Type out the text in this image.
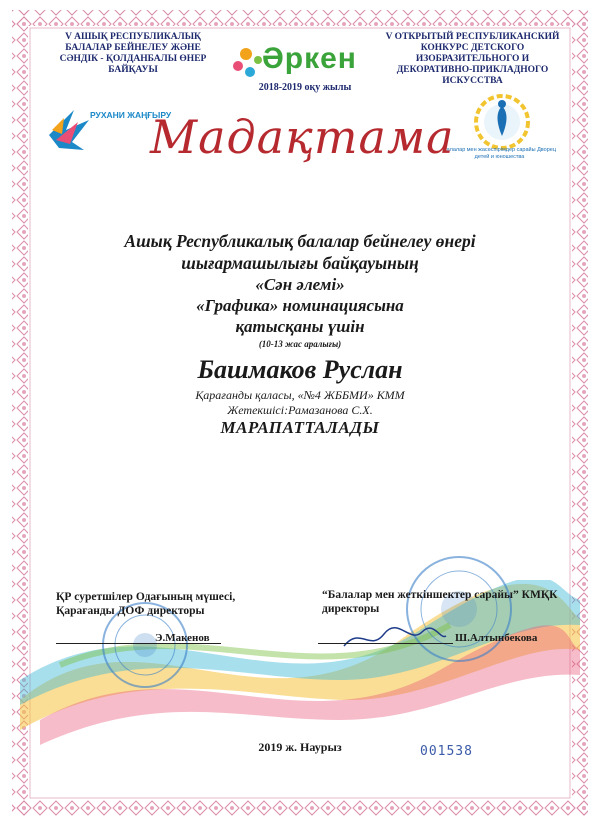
V АШЫҚ РЕСПУБЛИКАЛЫҚ БАЛАЛАР БЕЙНЕЛЕУ ЖӘНЕ СӘНДІК - ҚОЛДАНБАЛЫ ӨНЕР БАЙҚАУЫ
V ОТКРЫТЫЙ РЕСПУБЛИКАНСКИЙ КОНКУРС ДЕТСКОГО ИЗОБРАЗИТЕЛЬНОГО И ДЕКОРАТИВНО-ПРИКЛАДНОГО ИСКУССТВА
Әркен
2018-2019 оқу жылы
РУХАНИ ЖАҢҒЫРУ
Балалар мен жасөспірімдер сарайы Дворец детей и юношества
Мадақтама
Ашық Республикалық балалар бейнелеу өнері
шығармашылығы байқауының
«Сән әлемі»
«Графика» номинациясына
қатысқаны үшін
(10-13 жас аралығы)
Башмаков Руслан
Қарағанды қаласы, «№4 ЖББМИ» КММ
Жетекшісі:Рамазанова С.Х.
МАРАПАТТАЛАДЫ
ҚР суретшілер Одағының мүшесі, Қарағанды ДОФ директоры
Э.Макенов
“Балалар мен жеткіншектер сарайы” КМҚК директоры
Ш.Алтынбекова
2019 ж. Наурыз	001538
